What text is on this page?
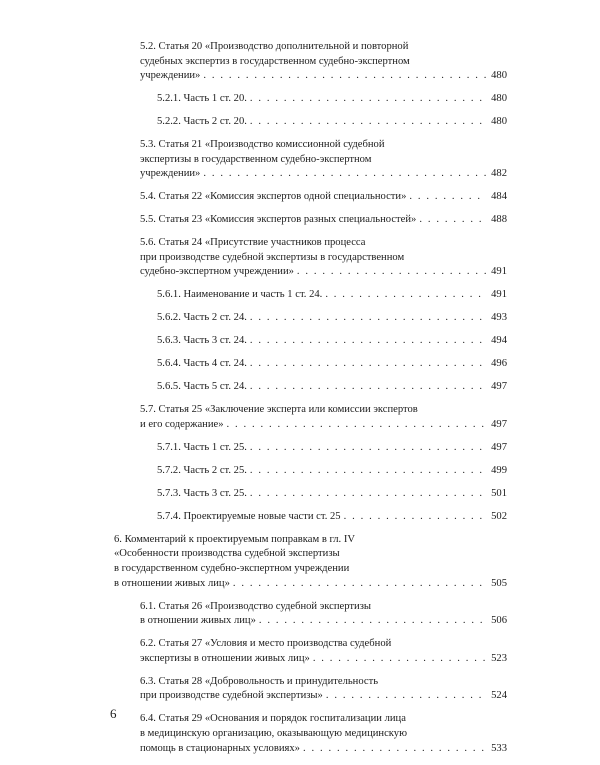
5.2. Статья 20 «Производство дополнительной и повторной
судебных экспертиз в государственном судебно-экспертном
учреждении» . . .	480
5.2.1. Часть 1 ст. 20. . . .	480
5.2.2. Часть 2 ст. 20. . . .	480
5.3. Статья 21 «Производство комиссионной судебной
экспертизы в государственном судебно-экспертном
учреждении» . . .	482
5.4. Статья 22 «Комиссия экспертов одной специальности» . . .	484
5.5. Статья 23 «Комиссия экспертов разных специальностей» . . .	488
5.6. Статья 24 «Присутствие участников процесса
при производстве судебной экспертизы в государственном
судебно-экспертном учреждении» . . .	491
5.6.1. Наименование и часть 1 ст. 24. . . .	491
5.6.2. Часть 2 ст. 24. . . .	493
5.6.3. Часть 3 ст. 24. . . .	494
5.6.4. Часть 4 ст. 24. . . .	496
5.6.5. Часть 5 ст. 24. . . .	497
5.7. Статья 25 «Заключение эксперта или комиссии экспертов
и его содержание» . . .	497
5.7.1. Часть 1 ст. 25. . . .	497
5.7.2. Часть 2 ст. 25. . . .	499
5.7.3. Часть 3 ст. 25. . . .	501
5.7.4. Проектируемые новые части ст. 25 . . .	502
6. Комментарий к проектируемым поправкам в гл. IV
«Особенности производства судебной экспертизы
в государственном судебно-экспертном учреждении
в отношении живых лиц» . . .	505
6.1. Статья 26 «Производство судебной экспертизы
в отношении живых лиц» . . .	506
6.2. Статья 27 «Условия и место производства судебной
экспертизы в отношении живых лиц» . . .	523
6.3. Статья 28 «Добровольность и принудительность
при производстве судебной экспертизы» . . .	524
6.4. Статья 29 «Основания и порядок госпитализации лица
в медицинскую организацию, оказывающую медицинскую
помощь в стационарных условиях» . . .	533
6
